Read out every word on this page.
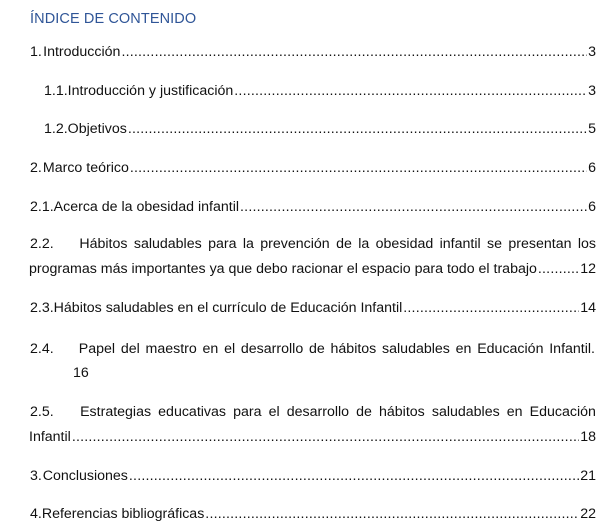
ÍNDICE DE CONTENIDO
1. Introducción .....	3
1.1. Introducción y justificación .....	3
1.2. Objetivos .....	5
2. Marco teórico .....	6
2.1. Acerca de la obesidad infantil .....	6
2.2.	Hábitos saludables para la prevención de la obesidad infantil se presentan los
programas más importantes ya que debo racionar el espacio para todo el trabajo .....	12
2.3. Hábitos saludables en el currículo de Educación Infantil .....	14
2.4.	Papel del maestro en el desarrollo de hábitos saludables en Educación Infantil.
16
2.5.	Estrategias educativas para el desarrollo de hábitos saludables en Educación
Infantil .....	18
3. Conclusiones .....	21
4. Referencias bibliográficas .....	22
